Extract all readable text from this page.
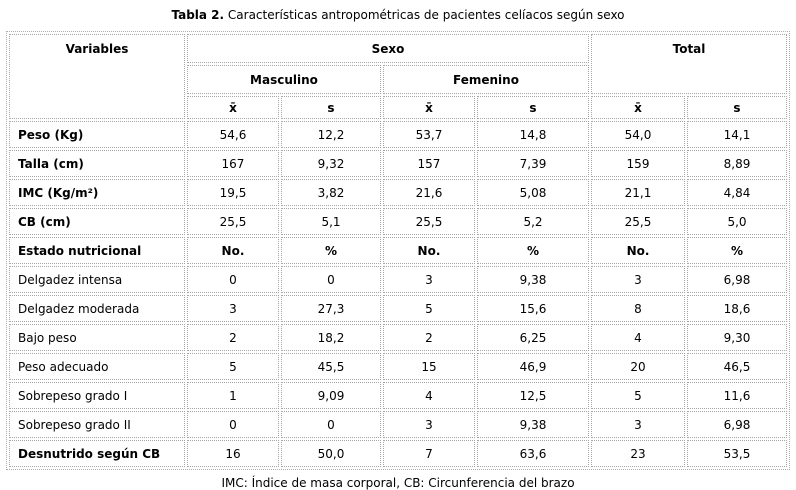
Tabla 2. Características antropométricas de pacientes celíacos según sexo
Variables	Sexo				Total	
	Masculino		Femenino			
	x̄	s	x̄	s	x̄	s
Peso (Kg)	54,6	12,2	53,7	14,8	54,0	14,1
Talla (cm)	167	9,32	157	7,39	159	8,89
IMC (Kg/m²)	19,5	3,82	21,6	5,08	21,1	4,84
CB (cm)	25,5	5,1	25,5	5,2	25,5	5,0
Estado nutricional	No.	%	No.	%	No.	%
Delgadez intensa	0	0	3	9,38	3	6,98
Delgadez moderada	3	27,3	5	15,6	8	18,6
Bajo peso	2	18,2	2	6,25	4	9,30
Peso adecuado	5	45,5	15	46,9	20	46,5
Sobrepeso grado I	1	9,09	4	12,5	5	11,6
Sobrepeso grado II	0	0	3	9,38	3	6,98
Desnutrido según CB	16	50,0	7	63,6	23	53,5
IMC: Índice de masa corporal, CB: Circunferencia del brazo
